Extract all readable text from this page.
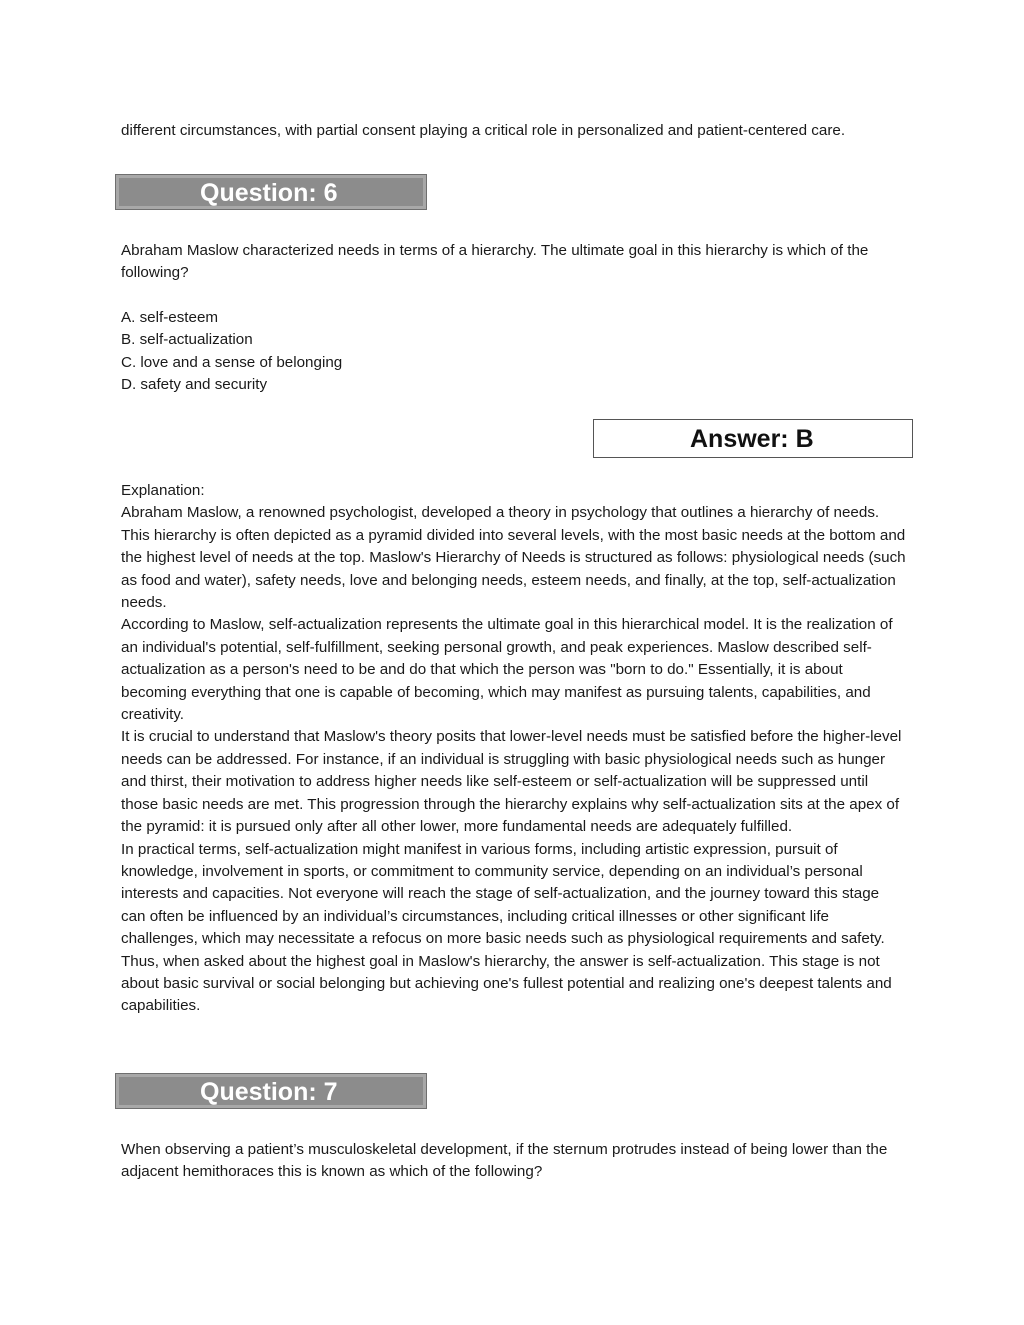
different circumstances, with partial consent playing a critical role in personalized and patient-centered care.

Question: 6

Abraham Maslow characterized needs in terms of a hierarchy. The ultimate goal in this hierarchy is which of the following?

A. self-esteem
B. self-actualization
C. love and a sense of belonging
D. safety and security
Answer: B
Explanation:
Abraham Maslow, a renowned psychologist, developed a theory in psychology that outlines a hierarchy of needs. This hierarchy is often depicted as a pyramid divided into several levels, with the most basic needs at the bottom and the highest level of needs at the top. Maslow's Hierarchy of Needs is structured as follows: physiological needs (such as food and water), safety needs, love and belonging needs, esteem needs, and finally, at the top, self-actualization needs.
According to Maslow, self-actualization represents the ultimate goal in this hierarchical model. It is the realization of an individual's potential, self-fulfillment, seeking personal growth, and peak experiences. Maslow described self-actualization as a person's need to be and do that which the person was "born to do." Essentially, it is about becoming everything that one is capable of becoming, which may manifest as pursuing talents, capabilities, and creativity.
It is crucial to understand that Maslow's theory posits that lower-level needs must be satisfied before the higher-level needs can be addressed. For instance, if an individual is struggling with basic physiological needs such as hunger and thirst, their motivation to address higher needs like self-esteem or self-actualization will be suppressed until those basic needs are met. This progression through the hierarchy explains why self-actualization sits at the apex of the pyramid: it is pursued only after all other lower, more fundamental needs are adequately fulfilled.
In practical terms, self-actualization might manifest in various forms, including artistic expression, pursuit of knowledge, involvement in sports, or commitment to community service, depending on an individual’s personal interests and capacities. Not everyone will reach the stage of self-actualization, and the journey toward this stage can often be influenced by an individual’s circumstances, including critical illnesses or other significant life challenges, which may necessitate a refocus on more basic needs such as physiological requirements and safety.
Thus, when asked about the highest goal in Maslow's hierarchy, the answer is self-actualization. This stage is not about basic survival or social belonging but achieving one's fullest potential and realizing one's deepest talents and capabilities.
Question: 7

When observing a patient’s musculoskeletal development, if the sternum protrudes instead of being lower than the adjacent hemithoraces this is known as which of the following?
